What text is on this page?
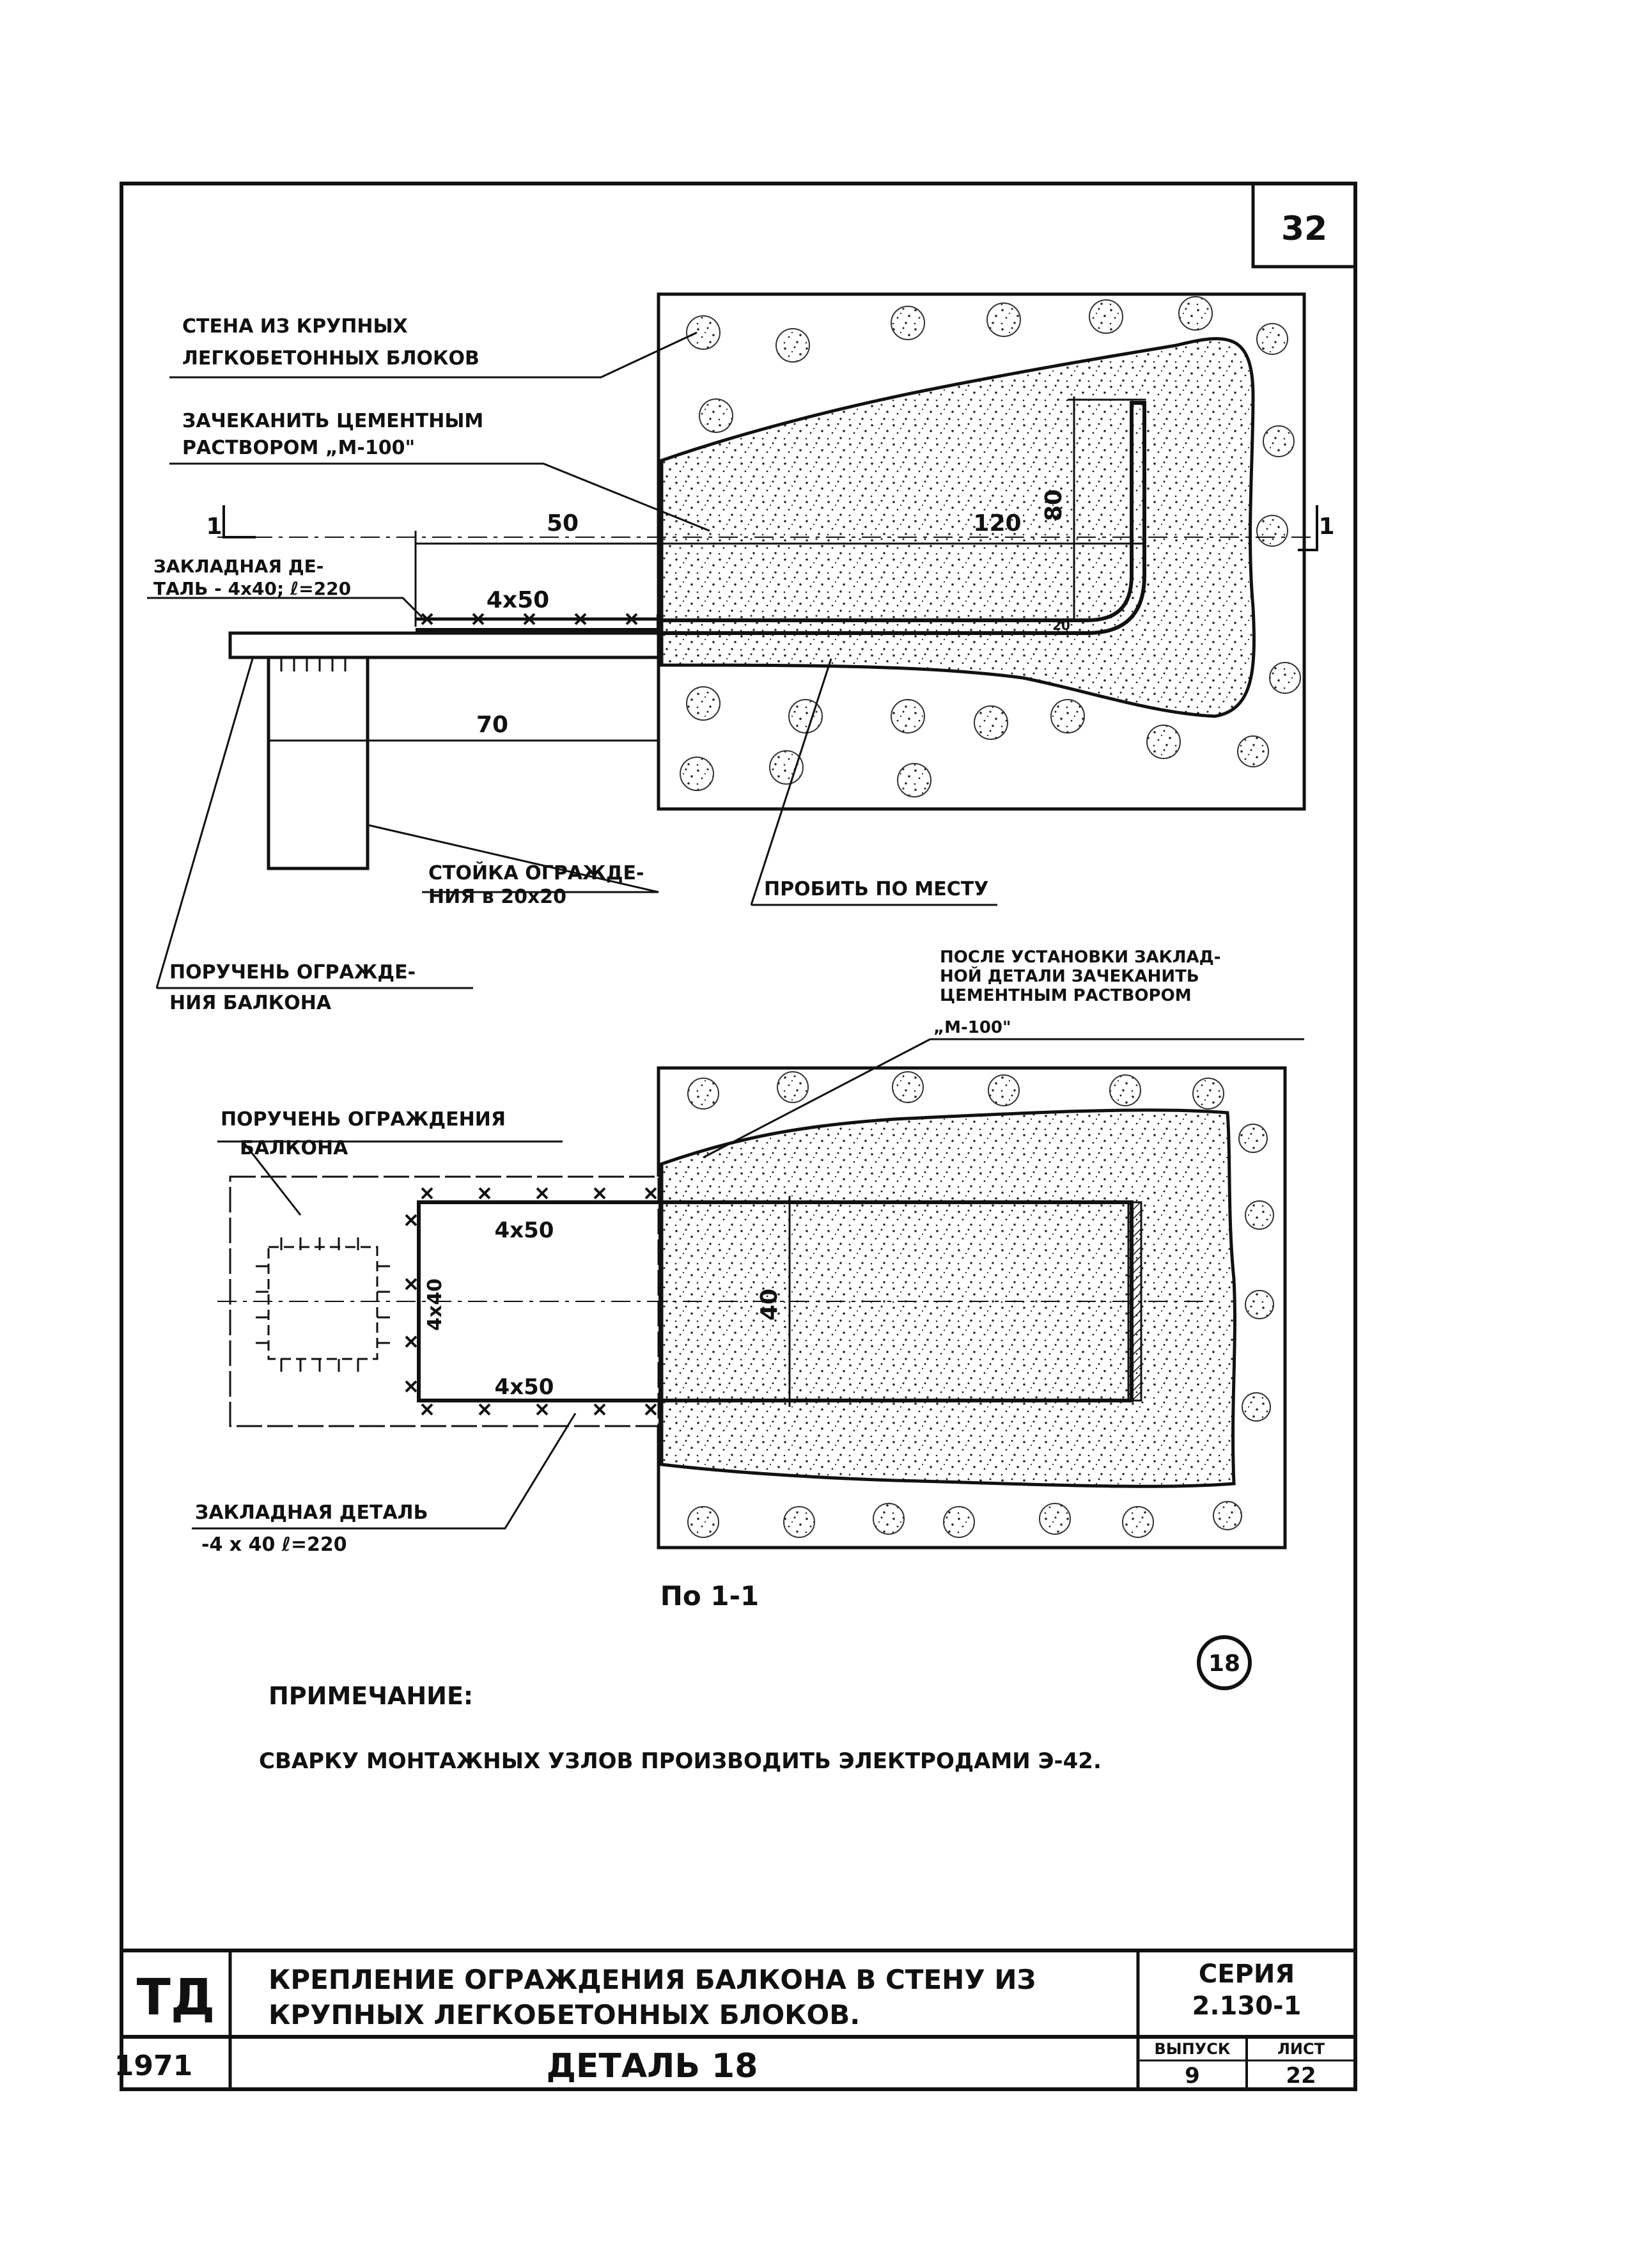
32
50	120
80
4х50
70
20
1	1
СТЕНА ИЗ КРУПНЫХ ЛЕГКОБЕТОННЫХ БЛОКОВ
ЗАЧЕКАНИТЬ ЦЕМЕНТНЫМ РАСТВОРОМ „М-100"
ЗАКЛАДНАЯ ДЕ- ТАЛЬ - 4х40; ℓ=220
СТОЙКА ОГРАЖДЕ- НИЯ в 20х20	ПРОБИТЬ ПО МЕСТУ
ПОРУЧЕНЬ ОГРАЖДЕ- НИЯ БАЛКОНА
4х50
4х50
4х40	40
ПОСЛЕ УСТАНОВКИ ЗАКЛАД- НОЙ ДЕТАЛИ ЗАЧЕКАНИТЬ ЦЕМЕНТНЫМ РАСТВОРОМ „М-100"
ПОРУЧЕНЬ ОГРАЖДЕНИЯ БАЛКОНА
ЗАКЛАДНАЯ ДЕТАЛЬ -4 х 40 ℓ=220
По 1-1
18
ПРИМЕЧАНИЕ:
СВАРКУ МОНТАЖНЫХ УЗЛОВ ПРОИЗВОДИТЬ ЭЛЕКТРОДАМИ Э-42.
ТД
1971
КРЕПЛЕНИЕ ОГРАЖДЕНИЯ БАЛКОНА В СТЕНУ ИЗ
КРУПНЫХ ЛЕГКОБЕТОННЫХ БЛОКОВ.
ДЕТАЛЬ 18
СЕРИЯ
2.130-1
ВЫПУСК
9
ЛИСТ
22
